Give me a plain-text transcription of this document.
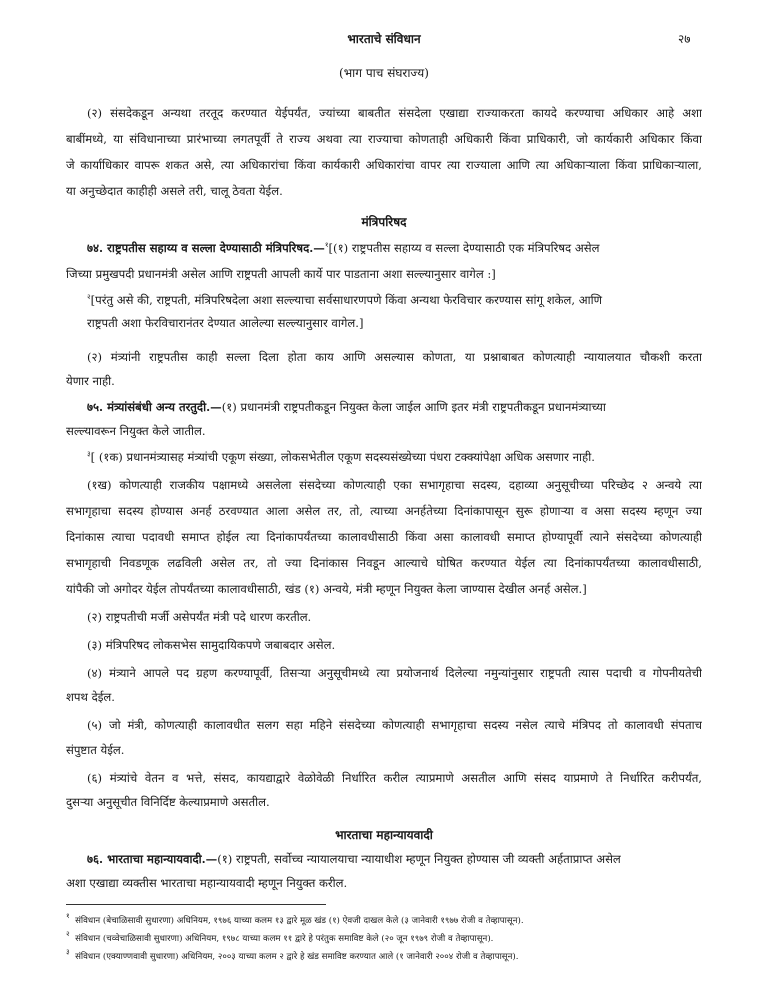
भारताचे संविधान	२७
(भाग पाच संघराज्य)
(२) संसदेकडून अन्यथा तरतूद करण्यात येईपर्यंत, ज्यांच्या बाबतीत संसदेला एखाद्या राज्याकरता कायदे करण्याचा अधिकार आहे अशा
बाबींमध्ये, या संविधानाच्या प्रारंभाच्या लगतपूर्वी ते राज्य अथवा त्या राज्याचा कोणताही अधिकारी किंवा प्राधिकारी, जो कार्यकारी अधिकार किंवा
जे कार्याधिकार वापरू शकत असे, त्या अधिकारांचा किंवा कार्यकारी अधिकारांचा वापर त्या राज्याला आणि त्या अधिकाऱ्याला किंवा प्राधिकाऱ्याला,
या अनुच्छेदात काहीही असले तरी, चालू ठेवता येईल.
मंत्रिपरिषद
७४. राष्ट्रपतीस सहाय्य व सल्ला देण्यासाठी मंत्रिपरिषद.—$^१$[(१) राष्ट्रपतीस सहाय्य व सल्ला देण्यासाठी एक मंत्रिपरिषद असेल
जिच्या प्रमुखपदी प्रधानमंत्री असेल आणि राष्ट्रपती आपली कार्ये पार पाडताना अशा सल्ल्यानुसार वागेल :]
$^२$[परंतु असे की, राष्ट्रपती, मंत्रिपरिषदेला अशा सल्ल्याचा सर्वसाधारणपणे किंवा अन्यथा फेरविचार करण्यास सांगू शकेल, आणि
राष्ट्रपती अशा फेरविचारानंतर देण्यात आलेल्या सल्ल्यानुसार वागेल.]
(२) मंत्र्यांनी राष्ट्रपतीस काही सल्ला दिला होता काय आणि असल्यास कोणता, या प्रश्नाबाबत कोणत्याही न्यायालयात चौकशी करता
येणार नाही.
७५. मंत्र्यांसंबंधी अन्य तरतुदी.—(१) प्रधानमंत्री राष्ट्रपतीकडून नियुक्त केला जाईल आणि इतर मंत्री राष्ट्रपतीकडून प्रधानमंत्र्याच्या
सल्ल्यावरून नियुक्त केले जातील.
$^३$[ (१क) प्रधानमंत्र्यासह मंत्र्यांची एकूण संख्या, लोकसभेतील एकूण सदस्यसंख्येच्या पंधरा टक्क्यांपेक्षा अधिक असणार नाही.
(१ख) कोणत्याही राजकीय पक्षामध्ये असलेला संसदेच्या कोणत्याही एका सभागृहाचा सदस्य, दहाव्या अनुसूचीच्या परिच्छेद २ अन्वये त्या
सभागृहाचा सदस्य होण्यास अनर्ह ठरवण्यात आला असेल तर, तो, त्याच्या अनर्हतेच्या दिनांकापासून सुरू होणाऱ्या व असा सदस्य म्हणून ज्या
दिनांकास त्याचा पदावधी समाप्त होईल त्या दिनांकापर्यंतच्या कालावधीसाठी किंवा असा कालावधी समाप्त होण्यापूर्वी त्याने संसदेच्या कोणत्याही
सभागृहाची निवडणूक लढविली असेल तर, तो ज्या दिनांकास निवडून आल्याचे घोषित करण्यात येईल त्या दिनांकापर्यंतच्या कालावधीसाठी,
यांपैकी जो अगोदर येईल तोपर्यंतच्या कालावधीसाठी, खंड (१) अन्वये, मंत्री म्हणून नियुक्त केला जाण्यास देखील अनर्ह असेल.]
(२) राष्ट्रपतीची मर्जी असेपर्यंत मंत्री पदे धारण करतील.
(३) मंत्रिपरिषद लोकसभेस सामुदायिकपणे जबाबदार असेल.
(४) मंत्र्याने आपले पद ग्रहण करण्यापूर्वी, तिसऱ्या अनुसूचीमध्ये त्या प्रयोजनार्थ दिलेल्या नमुन्यांनुसार राष्ट्रपती त्यास पदाची व गोपनीयतेची
शपथ देईल.
(५) जो मंत्री, कोणत्याही कालावधीत सलग सहा महिने संसदेच्या कोणत्याही सभागृहाचा सदस्य नसेल त्याचे मंत्रिपद तो कालावधी संपताच
संपुष्टात येईल.
(६) मंत्र्यांचे वेतन व भत्ते, संसद, कायद्याद्वारे वेळोवेळी निर्धारित करील त्याप्रमाणे असतील आणि संसद याप्रमाणे ते निर्धारित करीपर्यंत,
दुसऱ्या अनुसूचीत विनिर्दिष्ट केल्याप्रमाणे असतील.
भारताचा महान्यायवादी
७६. भारताचा महान्यायवादी.—(१) राष्ट्रपती, सर्वोच्च न्यायालयाचा न्यायाधीश म्हणून नियुक्त होण्यास जी व्यक्ती अर्हताप्राप्त असेल
अशा एखाद्या व्यक्तीस भारताचा महान्यायवादी म्हणून नियुक्त करील.
$^१$ संविधान (बेचाळिसावी सुधारणा) अधिनियम, १९७६ याच्या कलम १३ द्वारे मूळ खंड (१) ऐवजी दाखल केले (३ जानेवारी १९७७ रोजी व तेव्हापासून).
$^२$ संविधान (चव्वेचाळिसावी सुधारणा) अधिनियम, १९७८ याच्या कलम ११ द्वारे हे परंतुक समाविष्ट केले (२० जून १९७९ रोजी व तेव्हापासून).
$^३$ संविधान (एक्याण्णवावी सुधारणा) अधिनियम, २००३ याच्या कलम २ द्वारे हे खंड समाविष्ट करण्यात आले (१ जानेवारी २००४ रोजी व तेव्हापासून).
